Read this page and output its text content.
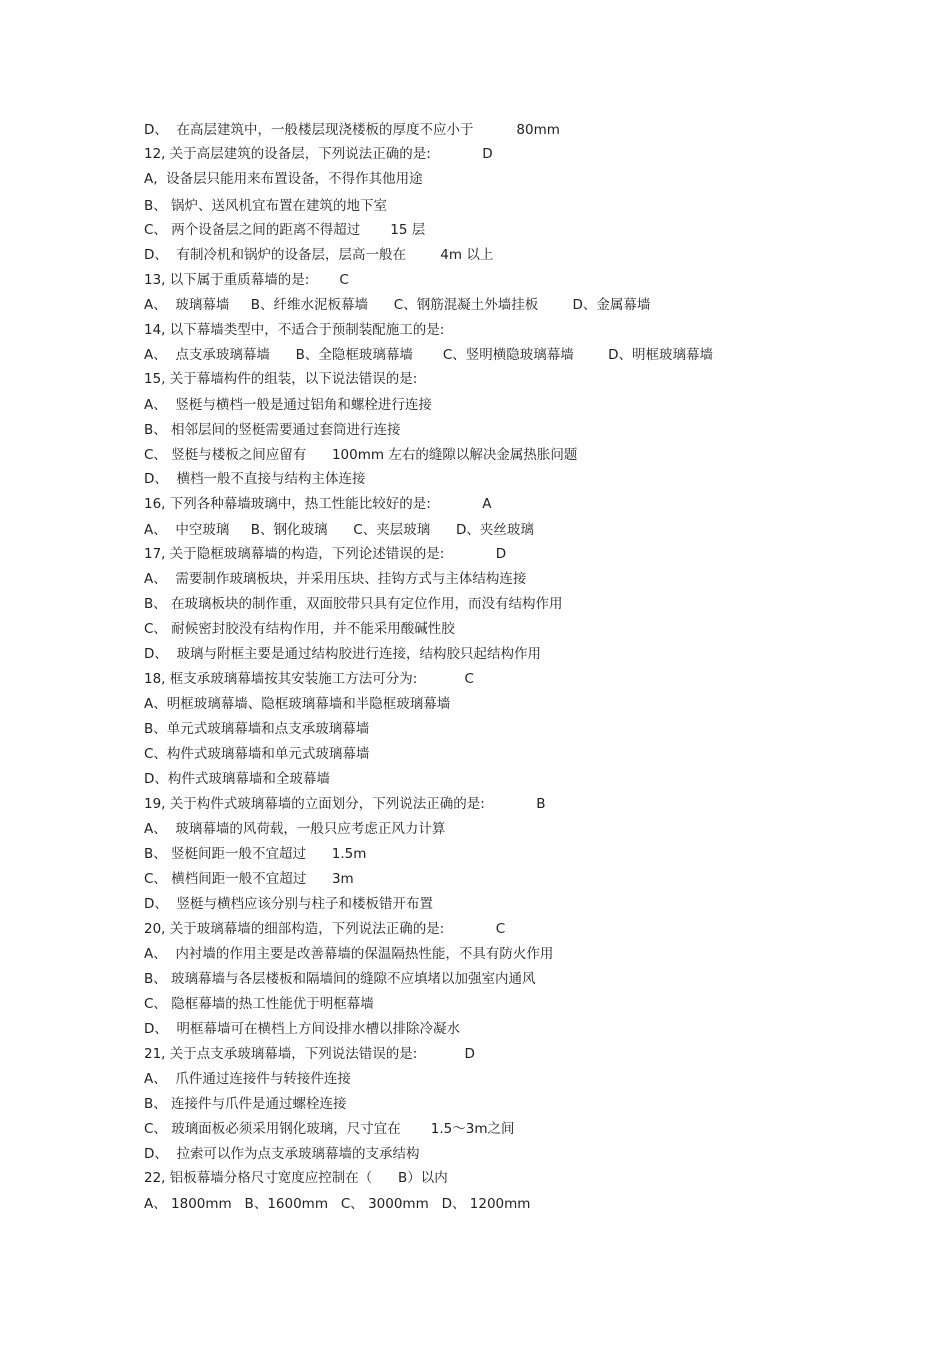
D、  在高层建筑中，一般楼层现浇楼板的厚度不应小于          80mm
12, 关于高层建筑的设备层，下列说法正确的是:            D
A,  设备层只能用来布置设备，不得作其他用途
B、 锅炉、送风机宜布置在建筑的地下室
C、 两个设备层之间的距离不得超过       15 层
D、  有制冷机和锅炉的设备层，层高一般在        4m 以上
13, 以下属于重质幕墙的是:       C
A、  玻璃幕墙     B、纤维水泥板幕墙      C、钢筋混凝土外墙挂板        D、金属幕墙
14, 以下幕墙类型中，不适合于预制装配施工的是:
A、  点支承玻璃幕墙      B、全隐框玻璃幕墙       C、竖明横隐玻璃幕墙        D、明框玻璃幕墙
15, 关于幕墙构件的组装，以下说法错误的是:
A、  竖梃与横档一般是通过铝角和螺栓进行连接
B、 相邻层间的竖梃需要通过套筒进行连接
C、 竖梃与楼板之间应留有      100mm 左右的缝隙以解决金属热胀问题
D、  横档一般不直接与结构主体连接
16, 下列各种幕墙玻璃中，热工性能比较好的是:            A
A、  中空玻璃     B、钢化玻璃      C、夹层玻璃      D、夹丝玻璃
17, 关于隐框玻璃幕墙的构造，下列论述错误的是:            D
A、  需要制作玻璃板块，并采用压块、挂钩方式与主体结构连接
B、 在玻璃板块的制作重，双面胶带只具有定位作用，而没有结构作用
C、 耐候密封胶没有结构作用，并不能采用酸碱性胶
D、  玻璃与附框主要是通过结构胶进行连接，结构胶只起结构作用
18, 框支承玻璃幕墙按其安装施工方法可分为:           C
A、明框玻璃幕墙、隐框玻璃幕墙和半隐框玻璃幕墙
B、单元式玻璃幕墙和点支承玻璃幕墙
C、构件式玻璃幕墙和单元式玻璃幕墙
D、构件式玻璃幕墙和全玻幕墙
19, 关于构件式玻璃幕墙的立面划分，下列说法正确的是:            B
A、  玻璃幕墙的风荷载，一般只应考虑正风力计算
B、 竖梃间距一般不宜超过      1.5m
C、 横档间距一般不宜超过      3m
D、  竖梃与横档应该分别与柱子和楼板错开布置
20, 关于玻璃幕墙的细部构造，下列说法正确的是:            C
A、  内衬墙的作用主要是改善幕墙的保温隔热性能，不具有防火作用
B、 玻璃幕墙与各层楼板和隔墙间的缝隙不应填堵以加强室内通风
C、 隐框幕墙的热工性能优于明框幕墙
D、  明框幕墙可在横档上方间设排水槽以排除冷凝水
21, 关于点支承玻璃幕墙，下列说法错误的是:           D
A、  爪件通过连接件与转接件连接
B、 连接件与爪件是通过螺栓连接
C、 玻璃面板必须采用钢化玻璃，尺寸宜在       1.5～3m之间
D、  拉索可以作为点支承玻璃幕墙的支承结构
22, 铝板幕墙分格尺寸宽度应控制在（      B）以内
A、 1800mm   B、1600mm   C、 3000mm   D、 1200mm
